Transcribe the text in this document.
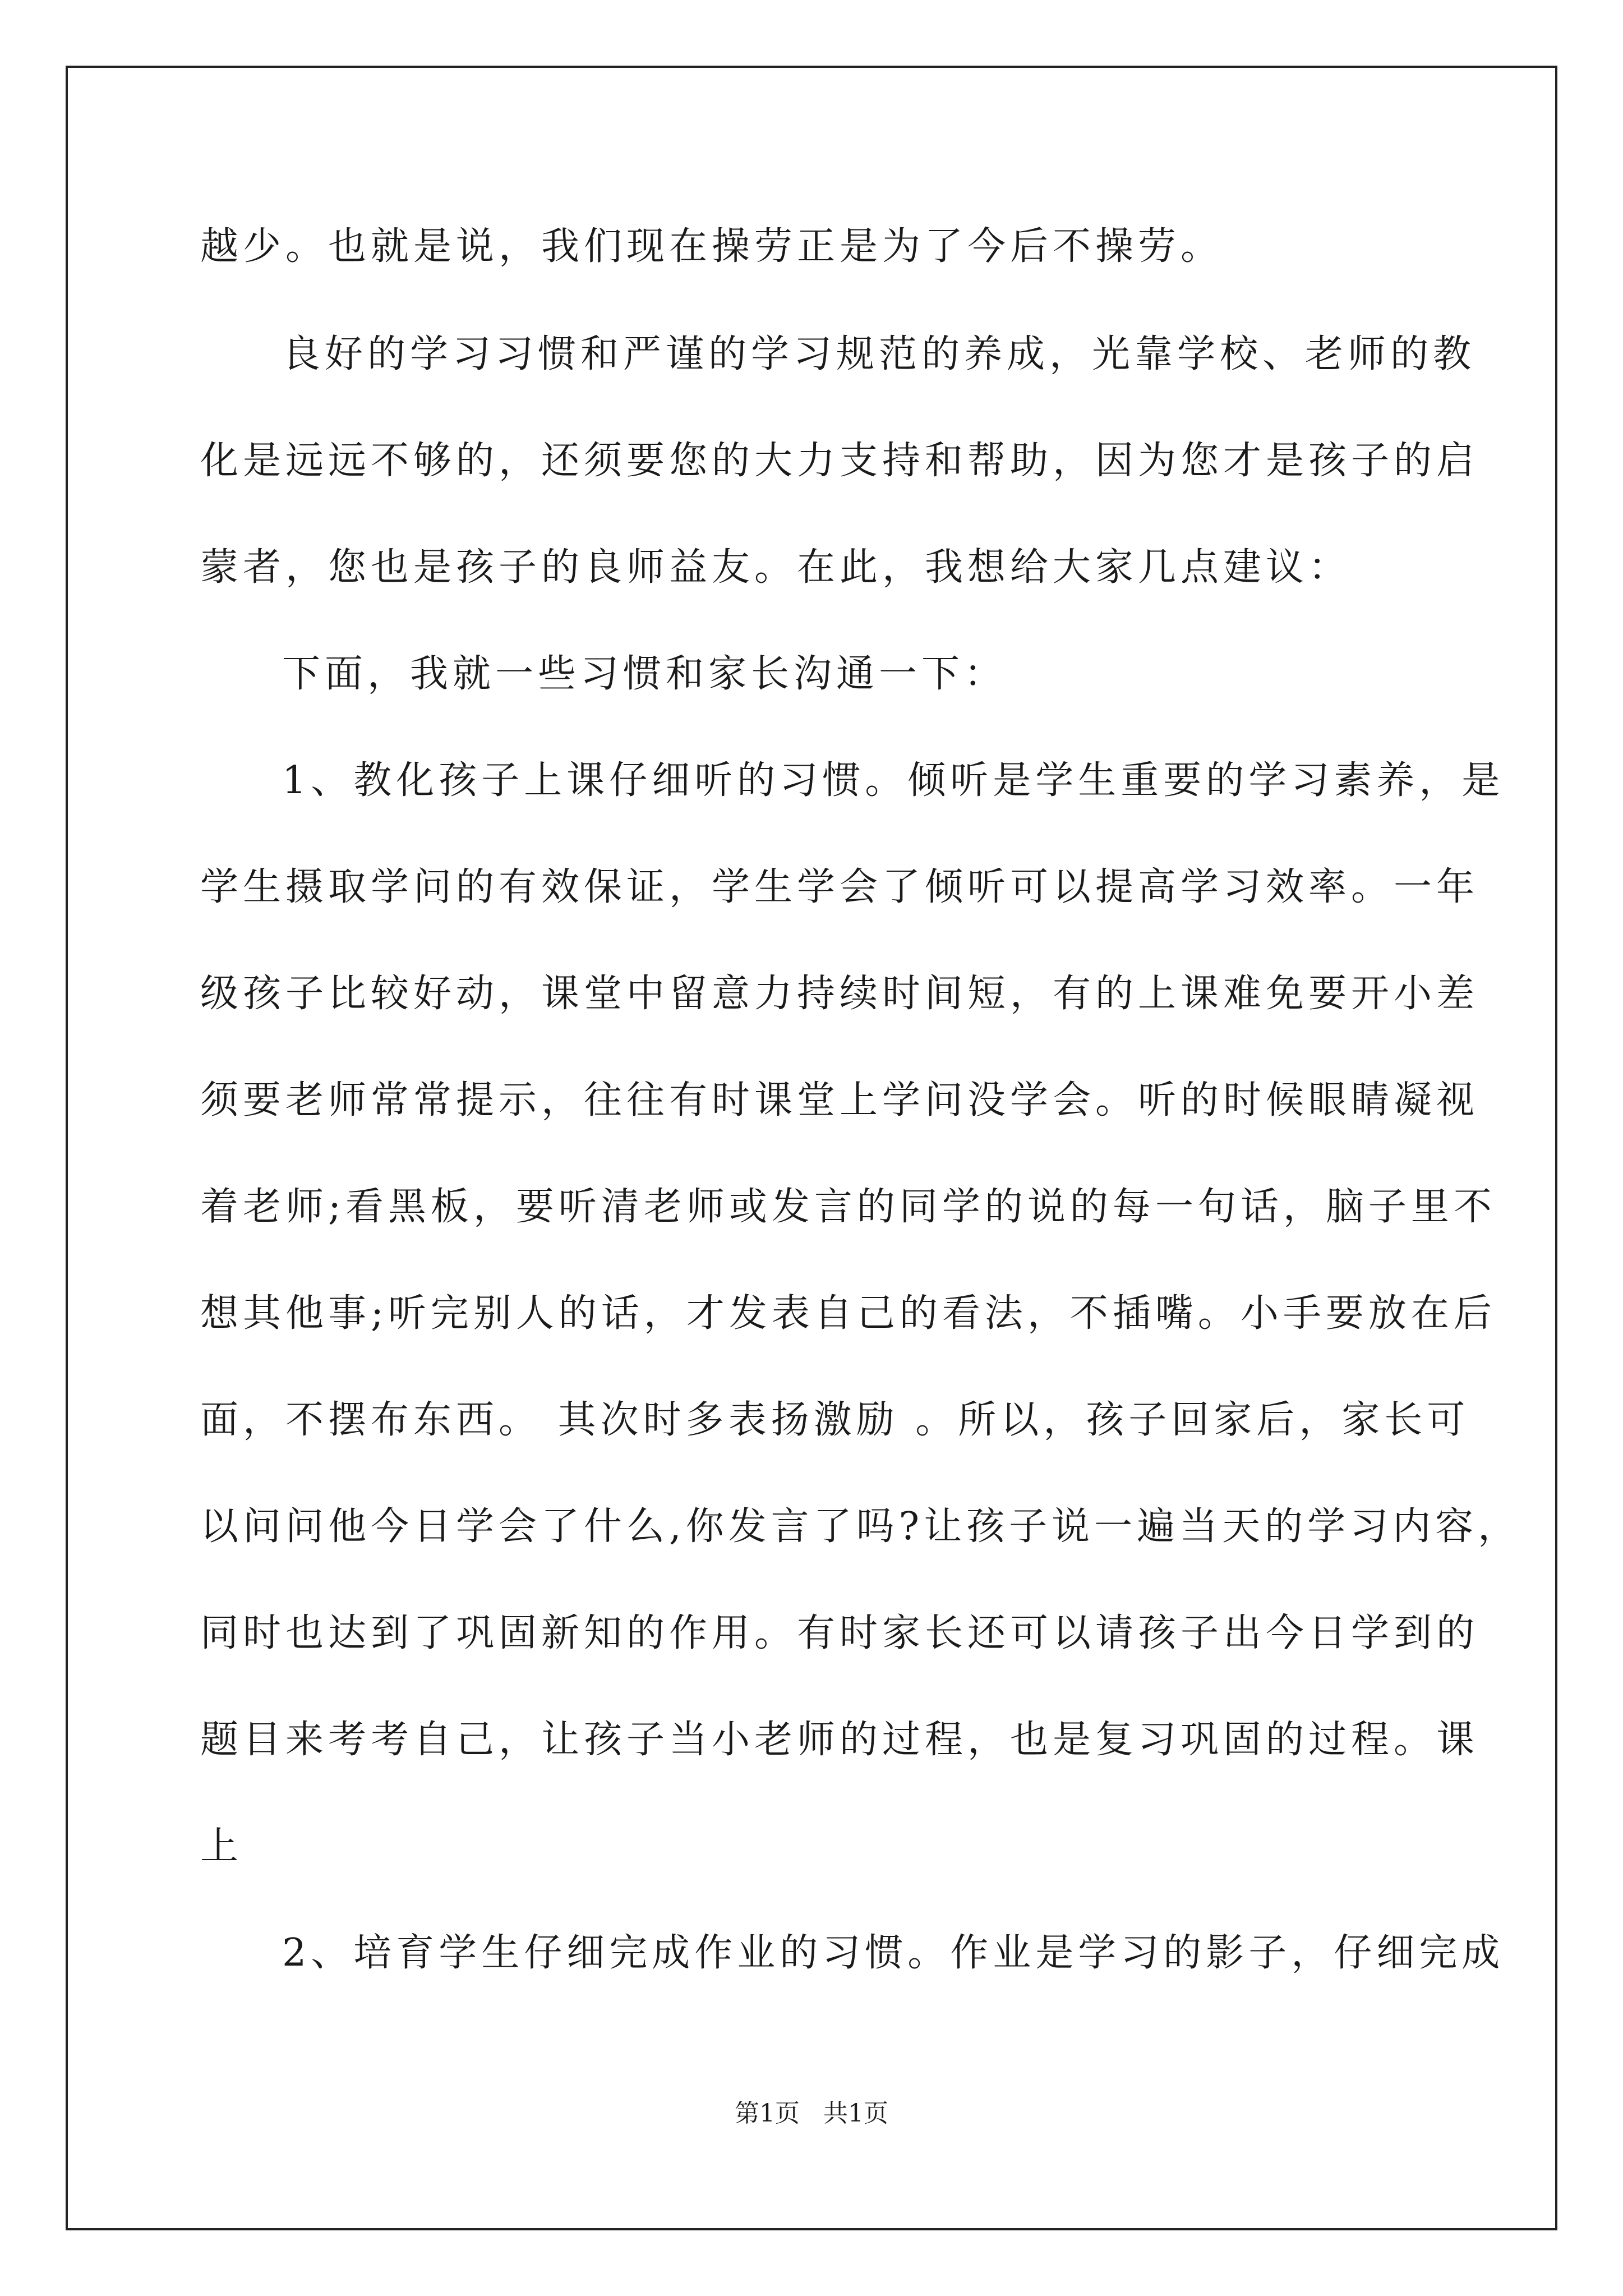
越少。也就是说，我们现在操劳正是为了今后不操劳。
良好的学习习惯和严谨的学习规范的养成，光靠学校、老师的教
化是远远不够的，还须要您的大力支持和帮助，因为您才是孩子的启
蒙者，您也是孩子的良师益友。在此，我想给大家几点建议：
下面，我就一些习惯和家长沟通一下：
1、教化孩子上课仔细听的习惯。倾听是学生重要的学习素养，是
学生摄取学问的有效保证，学生学会了倾听可以提高学习效率。一年
级孩子比较好动，课堂中留意力持续时间短，有的上课难免要开小差
须要老师常常提示，往往有时课堂上学问没学会。听的时候眼睛凝视
着老师;看黑板，要听清老师或发言的同学的说的每一句话，脑子里不
想其他事;听完别人的话，才发表自己的看法，不插嘴。小手要放在后
面，不摆布东西。 其次时多表扬激励 。所以，孩子回家后，家长可
以问问他今日学会了什么,你发言了吗?让孩子说一遍当天的学习内容，
同时也达到了巩固新知的作用。有时家长还可以请孩子出今日学到的
题目来考考自己，让孩子当小老师的过程，也是复习巩固的过程。课
上
2、培育学生仔细完成作业的习惯。作业是学习的影子，仔细完成
第1页   共1页
